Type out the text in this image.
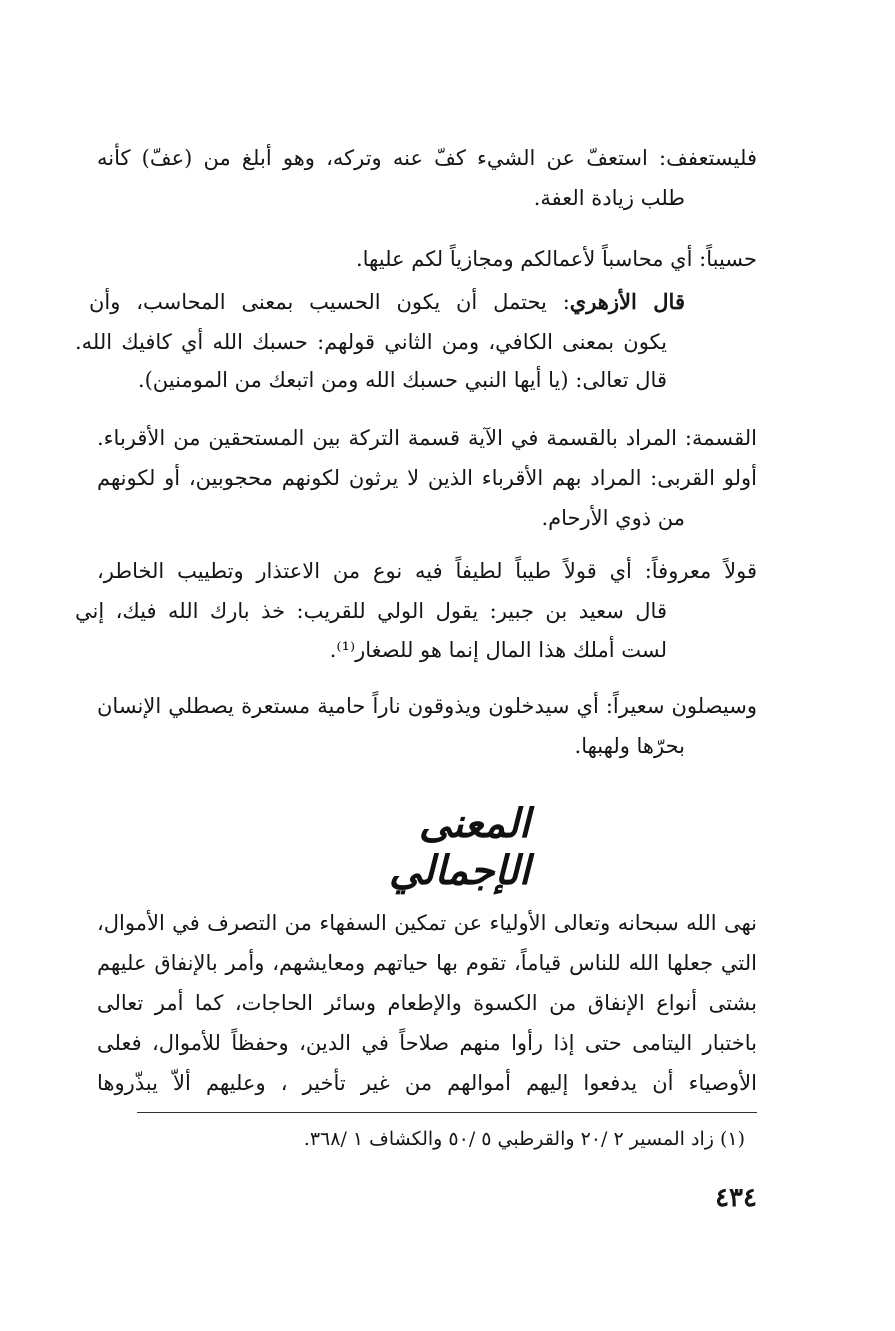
فليستعفف: استعفّ عن الشيء كفّ عنه وتركه، وهو أبلغ من (عفّ) كأنه
طلب زيادة العفة.
حسيباً: أي محاسباً لأعمالكم ومجازياً لكم عليها.
قال الأزهري: يحتمل أن يكون الحسيب بمعنى المحاسب، وأن
يكون بمعنى الكافي، ومن الثاني قولهم: حسبك الله أي كافيك الله.
قال تعالى: (يا أيها النبي حسبك الله ومن اتبعك من المومنين).
القسمة: المراد بالقسمة في الآية قسمة التركة بين المستحقين من الأقرباء.
أولو القربى: المراد بهم الأقرباء الذين لا يرثون لكونهم محجوبين، أو لكونهم
من ذوي الأرحام.
قولاً معروفاً: أي قولاً طيباً لطيفاً فيه نوع من الاعتذار وتطييب الخاطر،
قال سعيد بن جبير: يقول الولي للقريب: خذ بارك الله فيك، إني
لست أملك هذا المال إنما هو للصغار⁽¹⁾.
وسيصلون سعيراً: أي سيدخلون ويذوقون ناراً حامية مستعرة يصطلي الإنسان
بحرّها ولهبها.
المعنى الإجمالي
نهى الله سبحانه وتعالى الأولياء عن تمكين السفهاء من التصرف في الأموال،
التي جعلها الله للناس قياماً، تقوم بها حياتهم ومعايشهم، وأمر بالإنفاق عليهم
بشتى أنواع الإنفاق من الكسوة والإطعام وسائر الحاجات، كما أمر تعالى
باختبار اليتامى حتى إذا رأوا منهم صلاحاً في الدين، وحفظاً للأموال، فعلى
الأوصياء أن يدفعوا إليهم أموالهم من غير تأخير ، وعليهم ألاّ يبذّروها
(١) زاد المسير ٢ /٢٠ والقرطبي ٥ /٥٠ والكشاف ١ /٣٦٨.
٤٣٤
